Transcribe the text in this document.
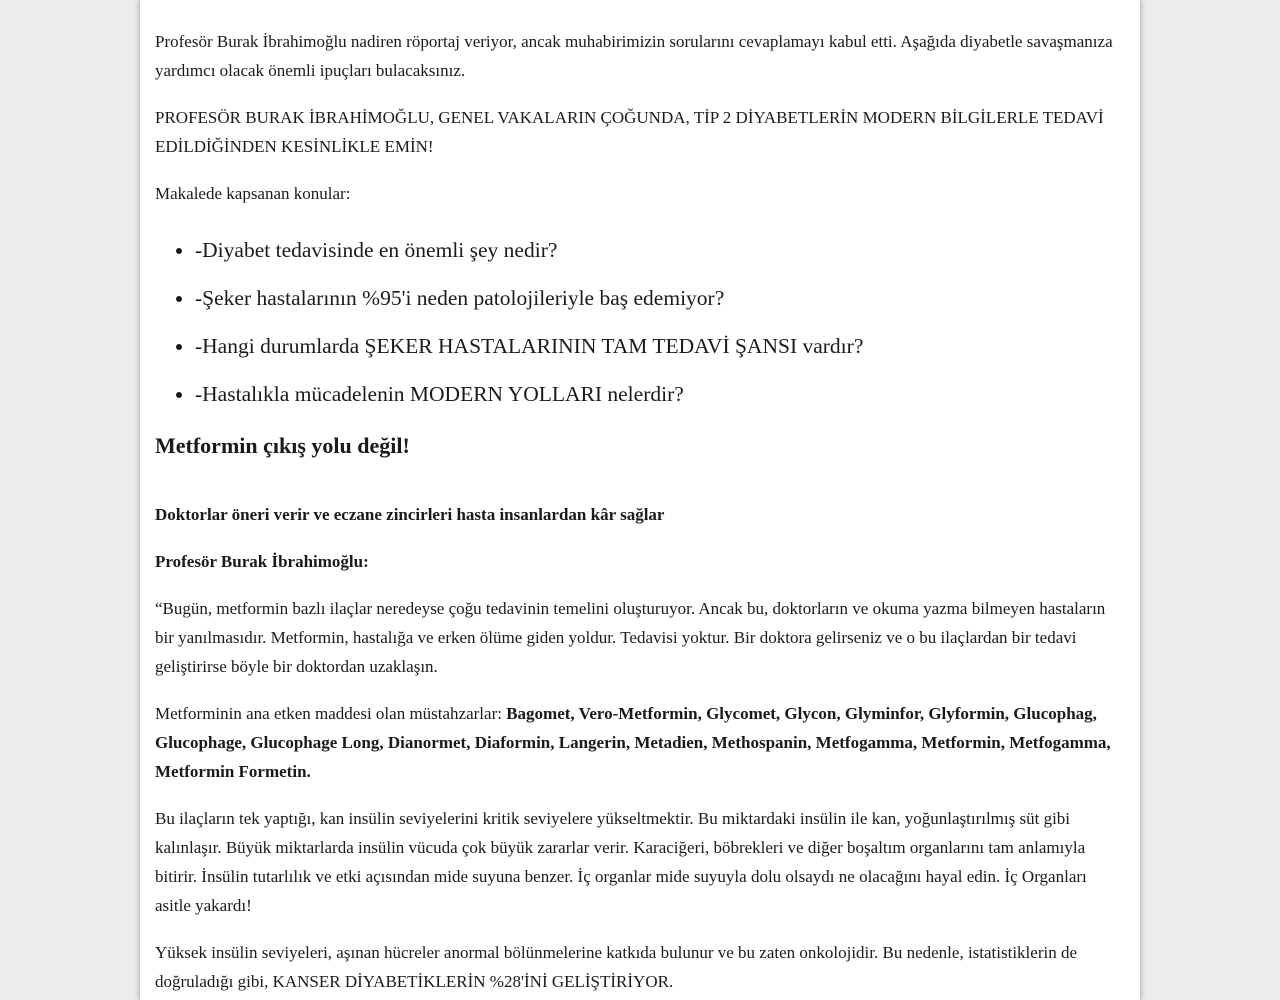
Profesör Burak İbrahimoğlu nadiren röportaj veriyor, ancak muhabirimizin sorularını cevaplamayı kabul etti. Aşağıda diyabetle savaşmanıza yardımcı olacak önemli ipuçları bulacaksınız.

PROFESÖR BURAK İBRAHİMOĞLU, GENEL VAKALARIN ÇOĞUNDA, TİP 2 DİYABETLERİN MODERN BİLGİLERLE TEDAVİ EDİLDİĞİNDEN KESİNLİKLE EMİN!

Makalede kapsanan konular:

• -Diyabet tedavisinde en önemli şey nedir?
• -Şeker hastalarının %95'i neden patolojileriyle baş edemiyor?
• -Hangi durumlarda ŞEKER HASTALARININ TAM TEDAVİ ŞANSI vardır?
• -Hastalıkla mücadelenin MODERN YOLLARI nelerdir?
Metformin çıkış yolu değil!

Doktorlar öneri verir ve eczane zincirleri hasta insanlardan kâr sağlar

Profesör Burak İbrahimoğlu:

“Bugün, metformin bazlı ilaçlar neredeyse çoğu tedavinin temelini oluşturuyor. Ancak bu, doktorların ve okuma yazma bilmeyen hastaların bir yanılmasıdır. Metformin, hastalığa ve erken ölüme giden yoldur. Tedavisi yoktur. Bir doktora gelirseniz ve o bu ilaçlardan bir tedavi geliştirirse böyle bir doktordan uzaklaşın.

Metforminin ana etken maddesi olan müstahzarlar: Bagomet, Vero-Metformin, Glycomet, Glycon, Glyminfor, Glyformin, Glucophag, Glucophage, Glucophage Long, Dianormet, Diaformin, Langerin, Metadien, Methospanin, Metfogamma, Metformin, Metfogamma, Metformin Formetin.

Bu ilaçların tek yaptığı, kan insülin seviyelerini kritik seviyelere yükseltmektir. Bu miktardaki insülin ile kan, yoğunlaştırılmış süt gibi kalınlaşır. Büyük miktarlarda insülin vücuda çok büyük zararlar verir. Karaciğeri, böbrekleri ve diğer boşaltım organlarını tam anlamıyla bitirir. İnsülin tutarlılık ve etki açısından mide suyuna benzer. İç organlar mide suyuyla dolu olsaydı ne olacağını hayal edin. İç Organları asitle yakardı!

Yüksek insülin seviyeleri, aşınan hücreler anormal bölünmelerine katkıda bulunur ve bu zaten onkolojidir. Bu nedenle, istatistiklerin de doğruladığı gibi, KANSER DİYABETİKLERİN %28'İNİ GELİŞTİRİYOR.
